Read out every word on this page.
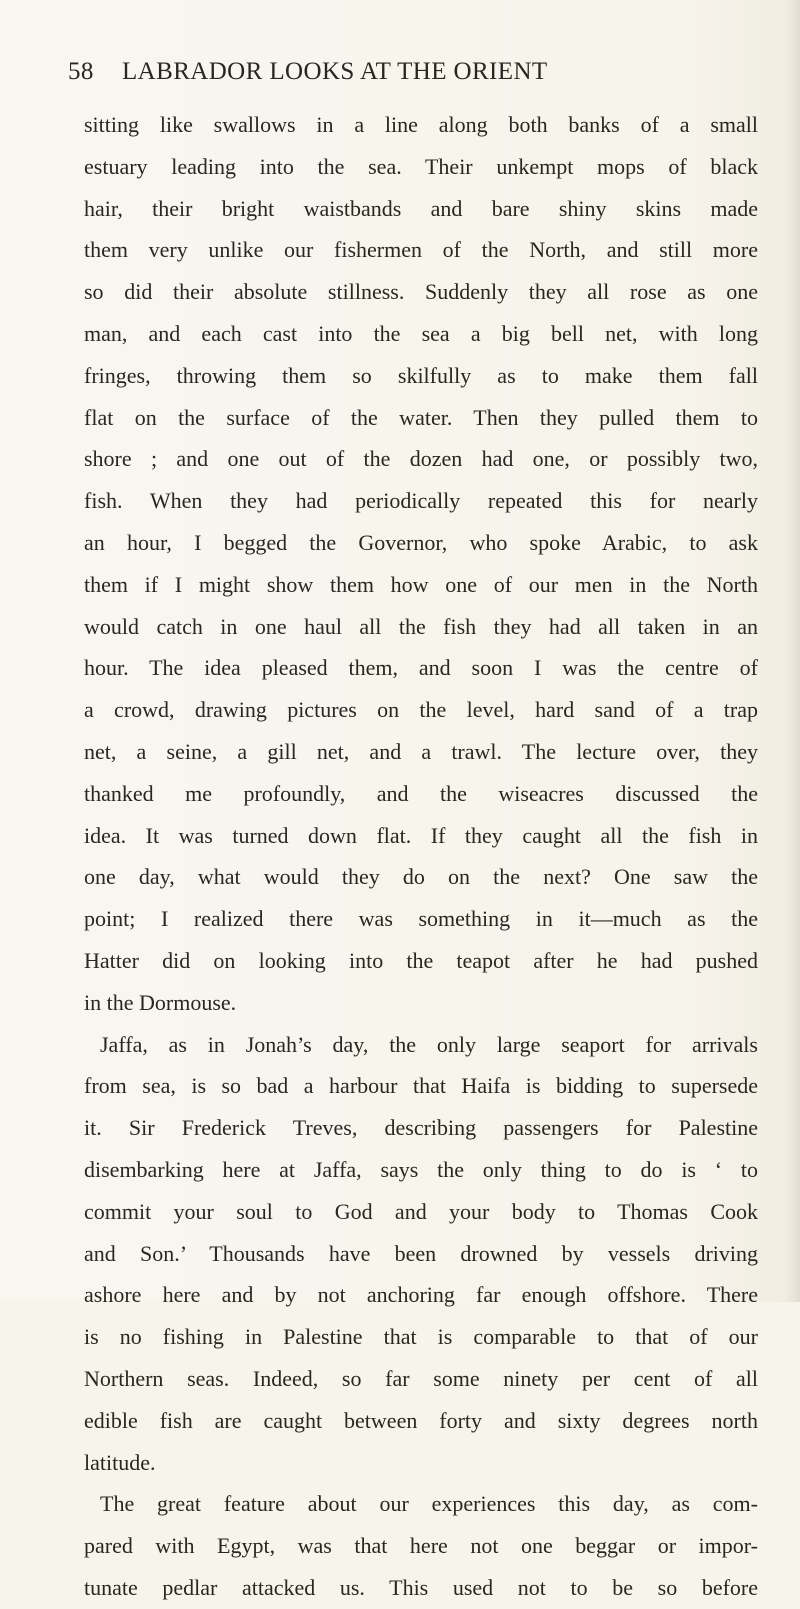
58 LABRADOR LOOKS AT THE ORIENT
sitting like swallows in a line along both banks of a small
estuary leading into the sea. Their unkempt mops of black
hair, their bright waistbands and bare shiny skins made
them very unlike our fishermen of the North, and still more
so did their absolute stillness. Suddenly they all rose as one
man, and each cast into the sea a big bell net, with long
fringes, throwing them so skilfully as to make them fall
flat on the surface of the water. Then they pulled them to
shore ; and one out of the dozen had one, or possibly two,
fish. When they had periodically repeated this for nearly
an hour, I begged the Governor, who spoke Arabic, to ask
them if I might show them how one of our men in the North
would catch in one haul all the fish they had all taken in an
hour. The idea pleased them, and soon I was the centre of
a crowd, drawing pictures on the level, hard sand of a trap
net, a seine, a gill net, and a trawl. The lecture over, they
thanked me profoundly, and the wiseacres discussed the
idea. It was turned down flat. If they caught all the fish in
one day, what would they do on the next? One saw the
point; I realized there was something in it—much as the
Hatter did on looking into the teapot after he had pushed
in the Dormouse.
Jaffa, as in Jonah’s day, the only large seaport for arrivals
from sea, is so bad a harbour that Haifa is bidding to supersede
it. Sir Frederick Treves, describing passengers for Palestine
disembarking here at Jaffa, says the only thing to do is ‘ to
commit your soul to God and your body to Thomas Cook
and Son.’ Thousands have been drowned by vessels driving
ashore here and by not anchoring far enough offshore. There
is no fishing in Palestine that is comparable to that of our
Northern seas. Indeed, so far some ninety per cent of all
edible fish are caught between forty and sixty degrees north
latitude.
The great feature about our experiences this day, as com-
pared with Egypt, was that here not one beggar or impor-
tunate pedlar attacked us. This used not to be so before
